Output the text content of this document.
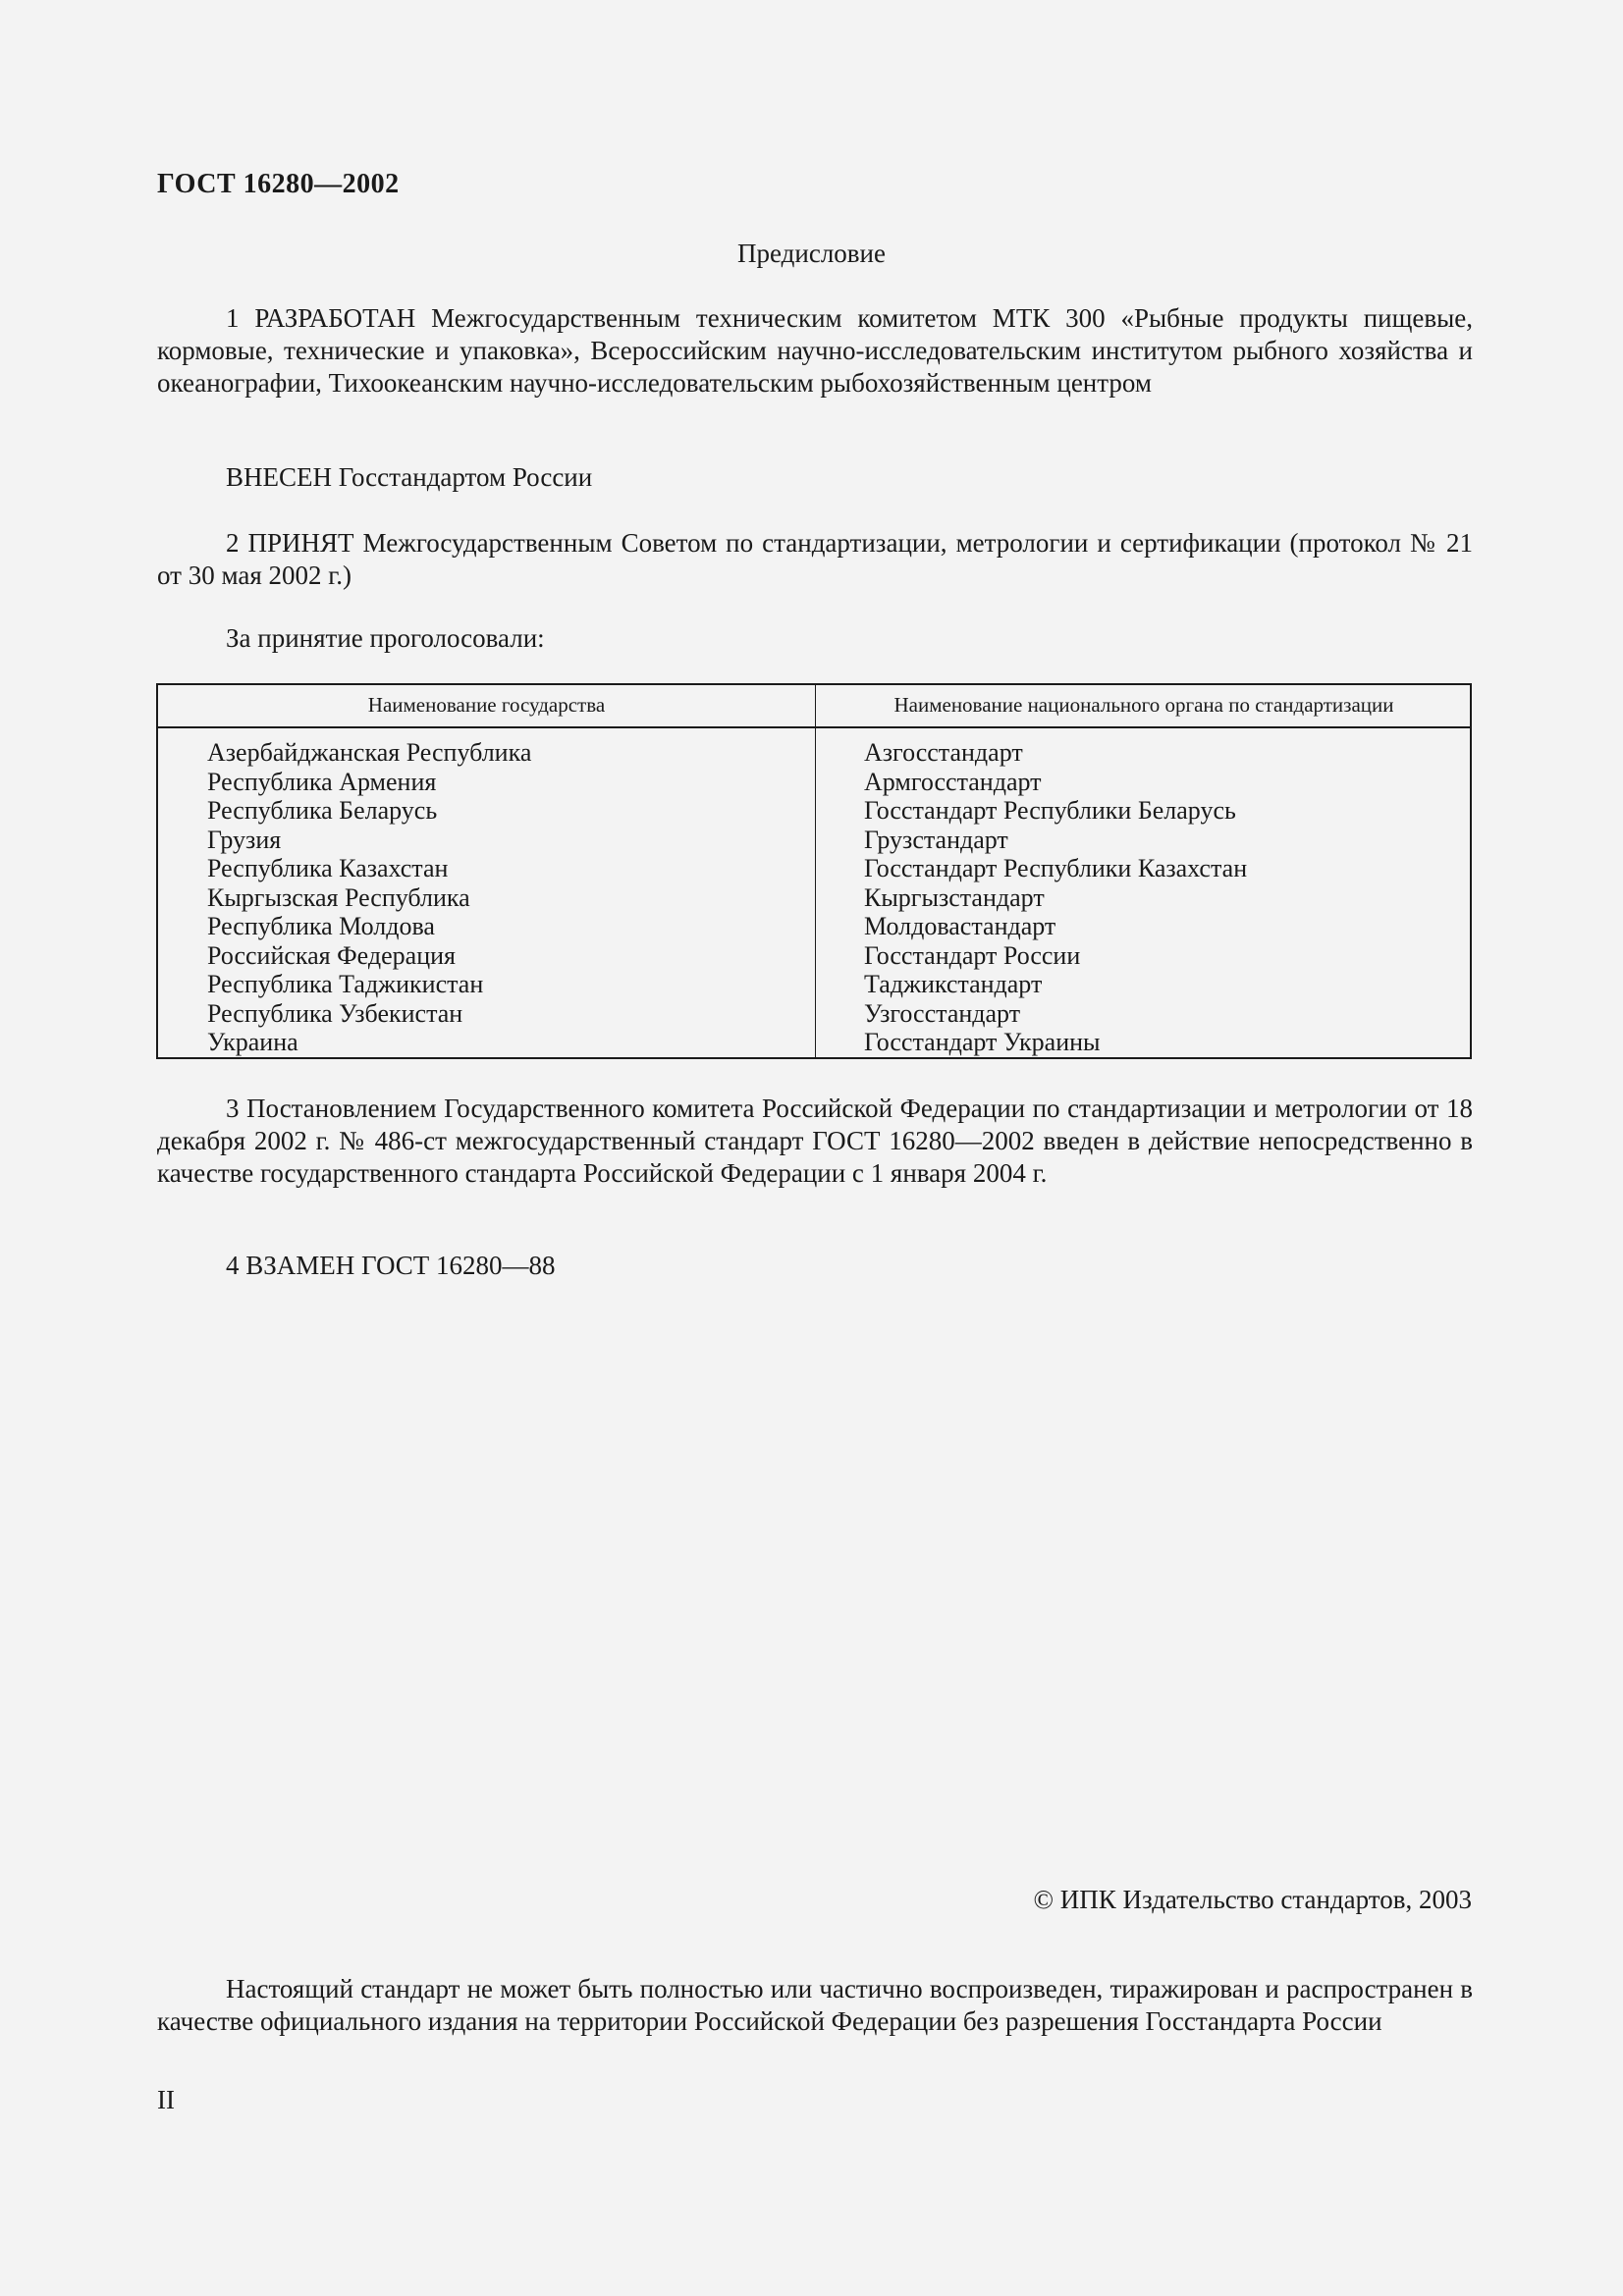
ГОСТ 16280—2002
Предисловие
1 РАЗРАБОТАН Межгосударственным техническим комитетом МТК 300 «Рыбные продукты пищевые, кормовые, технические и упаковка», Всероссийским научно-исследовательским институтом рыбного хозяйства и океанографии, Тихоокеанским научно-исследовательским рыбохозяйственным центром
ВНЕСЕН Госстандартом России
2 ПРИНЯТ Межгосударственным Советом по стандартизации, метрологии и сертификации (протокол № 21 от 30 мая 2002 г.)
За принятие проголосовали:
Наименование государства	Наименование национального органа по стандартизации
Азербайджанская Республика
Республика Армения
Республика Беларусь
Грузия
Республика Казахстан
Кыргызская Республика
Республика Молдова
Российская Федерация
Республика Таджикистан
Республика Узбекистан
Украина
Азгосстандарт
Армгосстандарт
Госстандарт Республики Беларусь
Грузстандарт
Госстандарт Республики Казахстан
Кыргызстандарт
Молдовастандарт
Госстандарт России
Таджикстандарт
Узгосстандарт
Госстандарт Украины
3 Постановлением Государственного комитета Российской Федерации по стандартизации и метрологии от 18 декабря 2002 г. № 486-ст межгосударственный стандарт ГОСТ 16280—2002 введен в действие непосредственно в качестве государственного стандарта Российской Федерации с 1 января 2004 г.
4 ВЗАМЕН ГОСТ 16280—88
© ИПК Издательство стандартов, 2003
Настоящий стандарт не может быть полностью или частично воспроизведен, тиражирован и распространен в качестве официального издания на территории Российской Федерации без разрешения Госстандарта России
II
